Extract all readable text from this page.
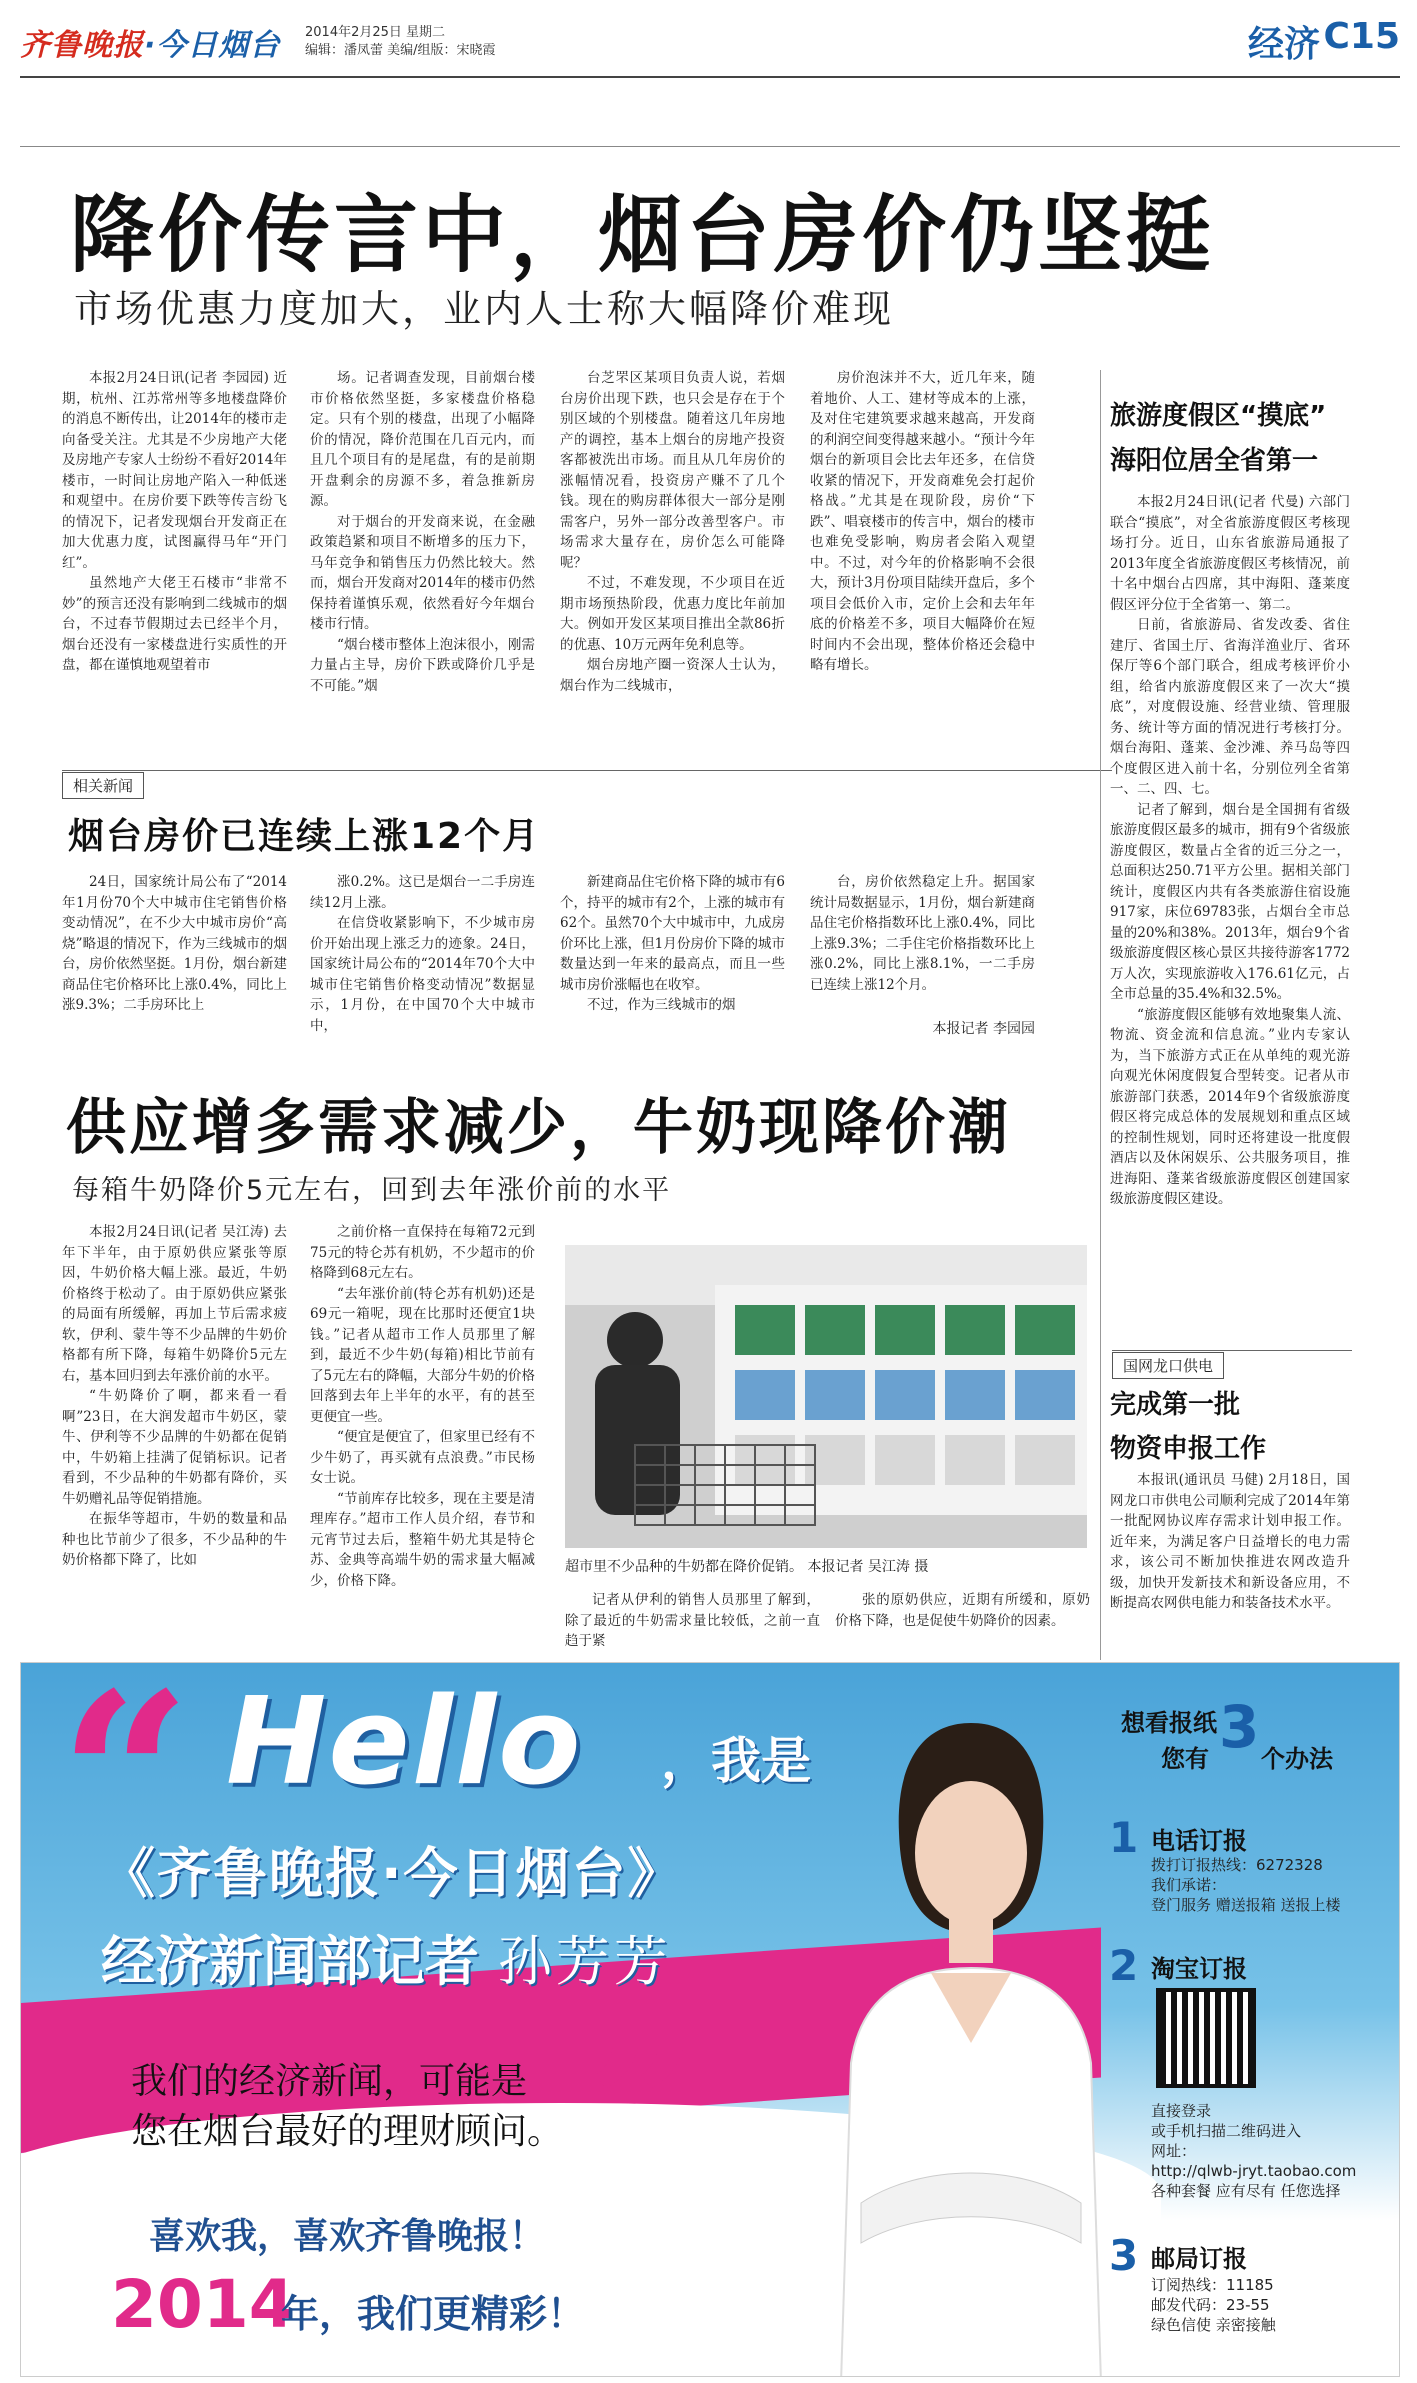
齐鲁晚报·今日烟台 2014年2月25日 星期二
编辑：潘凤蕾 美编/组版：宋晓霞	经济 C15
降价传言中，烟台房价仍坚挺
市场优惠力度加大，业内人士称大幅降价难现

本报2月24日讯(记者 李园园) 近期，杭州、江苏常州等多地楼盘降价的消息不断传出，让2014年的楼市走向备受关注。尤其是不少房地产大佬及房地产专家人士纷纷不看好2014年楼市，一时间让房地产陷入一种低迷和观望中。在房价要下跌等传言纷飞的情况下，记者发现烟台开发商正在加大优惠力度，试图赢得马年“开门红”。

虽然地产大佬王石楼市“非常不妙”的预言还没有影响到二线城市的烟台，不过春节假期过去已经半个月，烟台还没有一家楼盘进行实质性的开盘，都在谨慎地观望着市

场。记者调查发现，目前烟台楼市价格依然坚挺，多家楼盘价格稳定。只有个别的楼盘，出现了小幅降价的情况，降价范围在几百元内，而且几个项目有的是尾盘，有的是前期开盘剩余的房源不多，着急推新房源。

对于烟台的开发商来说，在金融政策趋紧和项目不断增多的压力下，马年竞争和销售压力仍然比较大。然而，烟台开发商对2014年的楼市仍然保持着谨慎乐观，依然看好今年烟台楼市行情。

“烟台楼市整体上泡沫很小，刚需力量占主导，房价下跌或降价几乎是不可能。”烟

台芝罘区某项目负责人说，若烟台房价出现下跌，也只会是存在于个别区域的个别楼盘。随着这几年房地产的调控，基本上烟台的房地产投资客都被洗出市场。而且从几年房价的涨幅情况看，投资房产赚不了几个钱。现在的购房群体很大一部分是刚需客户，另外一部分改善型客户。市场需求大量存在，房价怎么可能降呢？

不过，不难发现，不少项目在近期市场预热阶段，优惠力度比年前加大。例如开发区某项目推出全款86折的优惠、10万元两年免利息等。

烟台房地产圈一资深人士认为，烟台作为二线城市，

房价泡沫并不大，近几年来，随着地价、人工、建材等成本的上涨，及对住宅建筑要求越来越高，开发商的利润空间变得越来越小。“预计今年烟台的新项目会比去年还多，在信贷收紧的情况下，开发商难免会打起价格战。”尤其是在现阶段，房价“下跌”、唱衰楼市的传言中，烟台的楼市也难免受影响，购房者会陷入观望中。不过，对今年的价格影响不会很大，预计3月份项目陆续开盘后，多个项目会低价入市，定价上会和去年年底的价格差不多，项目大幅降价在短时间内不会出现，整体价格还会稳中略有增长。

相关新闻
烟台房价已连续上涨12个月

24日，国家统计局公布了“2014年1月份70个大中城市住宅销售价格变动情况”，在不少大中城市房价“高烧”略退的情况下，作为三线城市的烟台，房价依然坚挺。1月份，烟台新建商品住宅价格环比上涨0.4%，同比上涨9.3%；二手房环比上

涨0.2%。这已是烟台一二手房连续12月上涨。

在信贷收紧影响下，不少城市房价开始出现上涨乏力的迹象。24日，国家统计局公布的“2014年70个大中城市住宅销售价格变动情况”数据显示，1月份，在中国70个大中城市中，

新建商品住宅价格下降的城市有6个，持平的城市有2个，上涨的城市有62个。虽然70个大中城市中，九成房价环比上涨，但1月份房价下降的城市数量达到一年来的最高点，而且一些城市房价涨幅也在收窄。

不过，作为三线城市的烟

台，房价依然稳定上升。据国家统计局数据显示，1月份，烟台新建商品住宅价格指数环比上涨0.4%，同比上涨9.3%；二手住宅价格指数环比上涨0.2%，同比上涨8.1%，一二手房已连续上涨12个月。

本报记者 李园园
供应增多需求减少，牛奶现降价潮
每箱牛奶降价5元左右，回到去年涨价前的水平

本报2月24日讯(记者 吴江涛) 去年下半年，由于原奶供应紧张等原因，牛奶价格大幅上涨。最近，牛奶价格终于松动了。由于原奶供应紧张的局面有所缓解，再加上节后需求疲软，伊利、蒙牛等不少品牌的牛奶价格都有所下降，每箱牛奶降价5元左右，基本回归到去年涨价前的水平。

“牛奶降价了啊，都来看一看啊”23日，在大润发超市牛奶区，蒙牛、伊利等不少品牌的牛奶都在促销中，牛奶箱上挂满了促销标识。记者看到，不少品种的牛奶都有降价，买牛奶赠礼品等促销措施。

在振华等超市，牛奶的数量和品种也比节前少了很多，不少品种的牛奶价格都下降了，比如

之前价格一直保持在每箱72元到75元的特仑苏有机奶，不少超市的价格降到68元左右。

“去年涨价前(特仑苏有机奶)还是69元一箱呢，现在比那时还便宜1块钱。”记者从超市工作人员那里了解到，最近不少牛奶(每箱)相比节前有了5元左右的降幅，大部分牛奶的价格回落到去年上半年的水平，有的甚至更便宜一些。

“便宜是便宜了，但家里已经有不少牛奶了，再买就有点浪费。”市民杨女士说。

“节前库存比较多，现在主要是清理库存。”超市工作人员介绍，春节和元宵节过去后，整箱牛奶尤其是特仑苏、金典等高端牛奶的需求量大幅减少，价格下降。

超市里不少品种的牛奶都在降价促销。 本报记者 吴江涛 摄

记者从伊利的销售人员那里了解到，除了最近的牛奶需求量比较低，之前一直趋于紧

张的原奶供应，近期有所缓和，原奶价格下降，也是促使牛奶降价的因素。

旅游度假区“摸底”
海阳位居全省第一

本报2月24日讯(记者 代曼) 六部门联合“摸底”，对全省旅游度假区考核现场打分。近日，山东省旅游局通报了2013年度全省旅游度假区考核情况，前十名中烟台占四席，其中海阳、蓬莱度假区评分位于全省第一、第二。

日前，省旅游局、省发改委、省住建厅、省国土厅、省海洋渔业厅、省环保厅等6个部门联合，组成考核评价小组，给省内旅游度假区来了一次大“摸底”，对度假设施、经营业绩、管理服务、统计等方面的情况进行考核打分。烟台海阳、蓬莱、金沙滩、养马岛等四个度假区进入前十名，分别位列全省第一、二、四、七。

记者了解到，烟台是全国拥有省级旅游度假区最多的城市，拥有9个省级旅游度假区，数量占全省的近三分之一，总面积达250.71平方公里。据相关部门统计，度假区内共有各类旅游住宿设施917家，床位69783张，占烟台全市总量的20%和38%。2013年，烟台9个省级旅游度假区核心景区共接待游客1772万人次，实现旅游收入176.61亿元，占全市总量的35.4%和32.5%。

“旅游度假区能够有效地聚集人流、物流、资金流和信息流。”业内专家认为，当下旅游方式正在从单纯的观光游向观光休闲度假复合型转变。记者从市旅游部门获悉，2014年9个省级旅游度假区将完成总体的发展规划和重点区域的控制性规划，同时还将建设一批度假酒店以及休闲娱乐、公共服务项目，推进海阳、蓬莱省级旅游度假区创建国家级旅游度假区建设。

国网龙口供电
完成第一批
物资申报工作

本报讯(通讯员 马健) 2月18日，国网龙口市供电公司顺利完成了2014年第一批配网协议库存需求计划申报工作。近年来，为满足客户日益增长的电力需求，该公司不断加快推进农网改造升级，加快开发新技术和新设备应用，不断提高农网供电能力和装备技术水平。

“ Hello ，我是
《齐鲁晚报·今日烟台》
经济新闻部记者 孙芳芳
我们的经济新闻，可能是
您在烟台最好的理财顾问。 ”
喜欢我，喜欢齐鲁晚报！
2014
年，我们更精彩！
想看报纸
您有 3 个办法
1 电话订报
拨打订报热线：6272328
我们承诺：
登门服务 赠送报箱 送报上楼
2 淘宝订报
直接登录
或手机扫描二维码进入
网址：
http://qlwb-jryt.taobao.com
各种套餐 应有尽有 任您选择
3 邮局订报
订阅热线：11185
邮发代码：23-55
绿色信使 亲密接触
